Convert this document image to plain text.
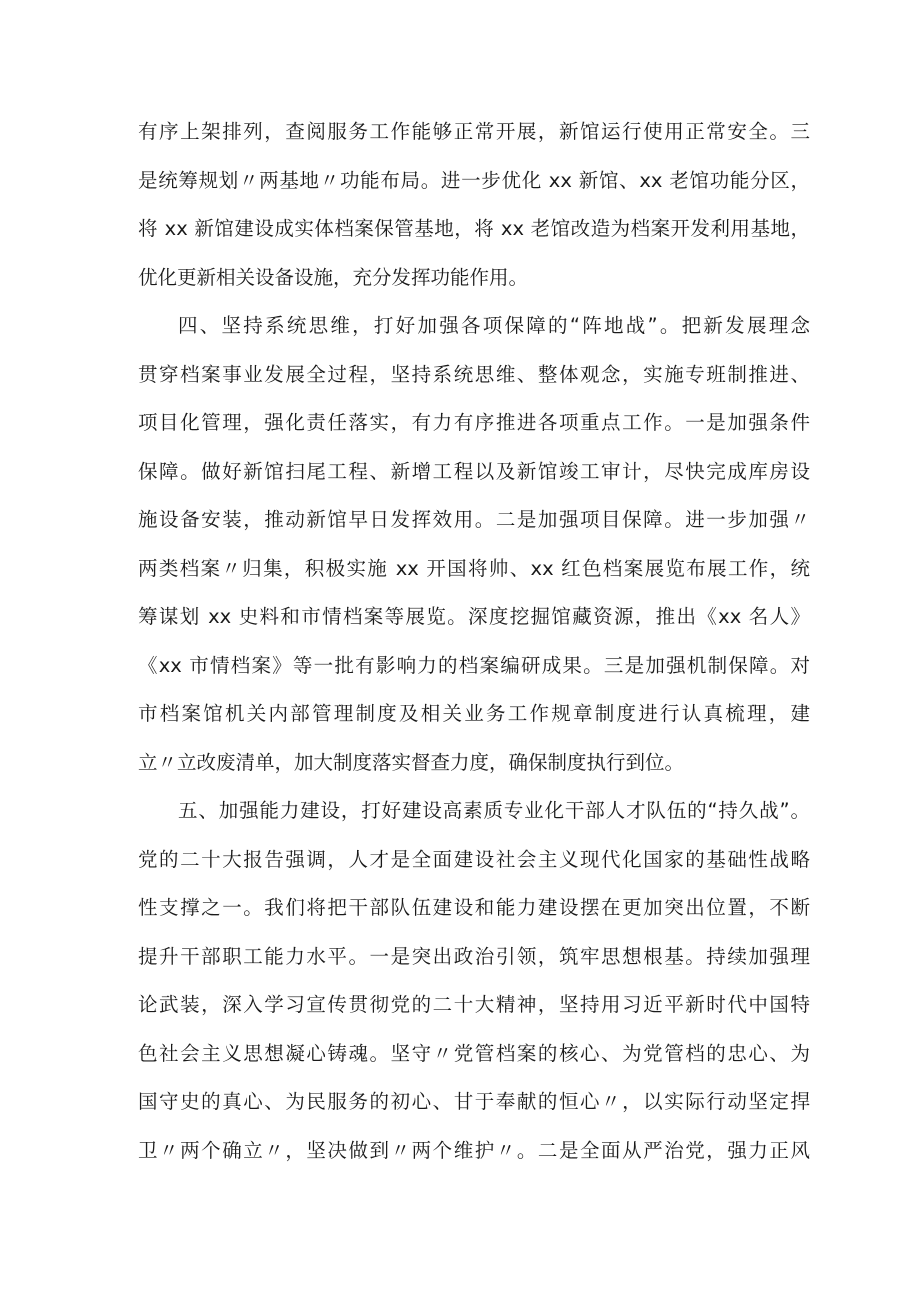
有序上架排列，查阅服务工作能够正常开展，新馆运行使用正常安全。三
是统筹规划〃两基地〃功能布局。进一步优化 xx 新馆、xx 老馆功能分区，
将 xx 新馆建设成实体档案保管基地，将 xx 老馆改造为档案开发利用基地，
优化更新相关设备设施，充分发挥功能作用。
四、坚持系统思维，打好加强各项保障的“阵地战”。把新发展理念
贯穿档案事业发展全过程，坚持系统思维、整体观念，实施专班制推进、
项目化管理，强化责任落实，有力有序推进各项重点工作。一是加强条件
保障。做好新馆扫尾工程、新增工程以及新馆竣工审计，尽快完成库房设
施设备安装，推动新馆早日发挥效用。二是加强项目保障。进一步加强〃
两类档案〃归集，积极实施 xx 开国将帅、xx 红色档案展览布展工作，统
筹谋划 xx 史料和市情档案等展览。深度挖掘馆藏资源，推出《xx 名人》
《xx 市情档案》等一批有影响力的档案编研成果。三是加强机制保障。对
市档案馆机关内部管理制度及相关业务工作规章制度进行认真梳理，建
立〃立改废清单，加大制度落实督查力度，确保制度执行到位。
五、加强能力建设，打好建设高素质专业化干部人才队伍的“持久战”。
党的二十大报告强调，人才是全面建设社会主义现代化国家的基础性战略
性支撑之一。我们将把干部队伍建设和能力建设摆在更加突出位置，不断
提升干部职工能力水平。一是突出政治引领，筑牢思想根基。持续加强理
论武装，深入学习宣传贯彻党的二十大精神，坚持用习近平新时代中国特
色社会主义思想凝心铸魂。坚守〃党管档案的核心、为党管档的忠心、为
国守史的真心、为民服务的初心、甘于奉献的恒心〃，以实际行动坚定捍
卫〃两个确立〃，坚决做到〃两个维护〃。二是全面从严治党，强力正风
